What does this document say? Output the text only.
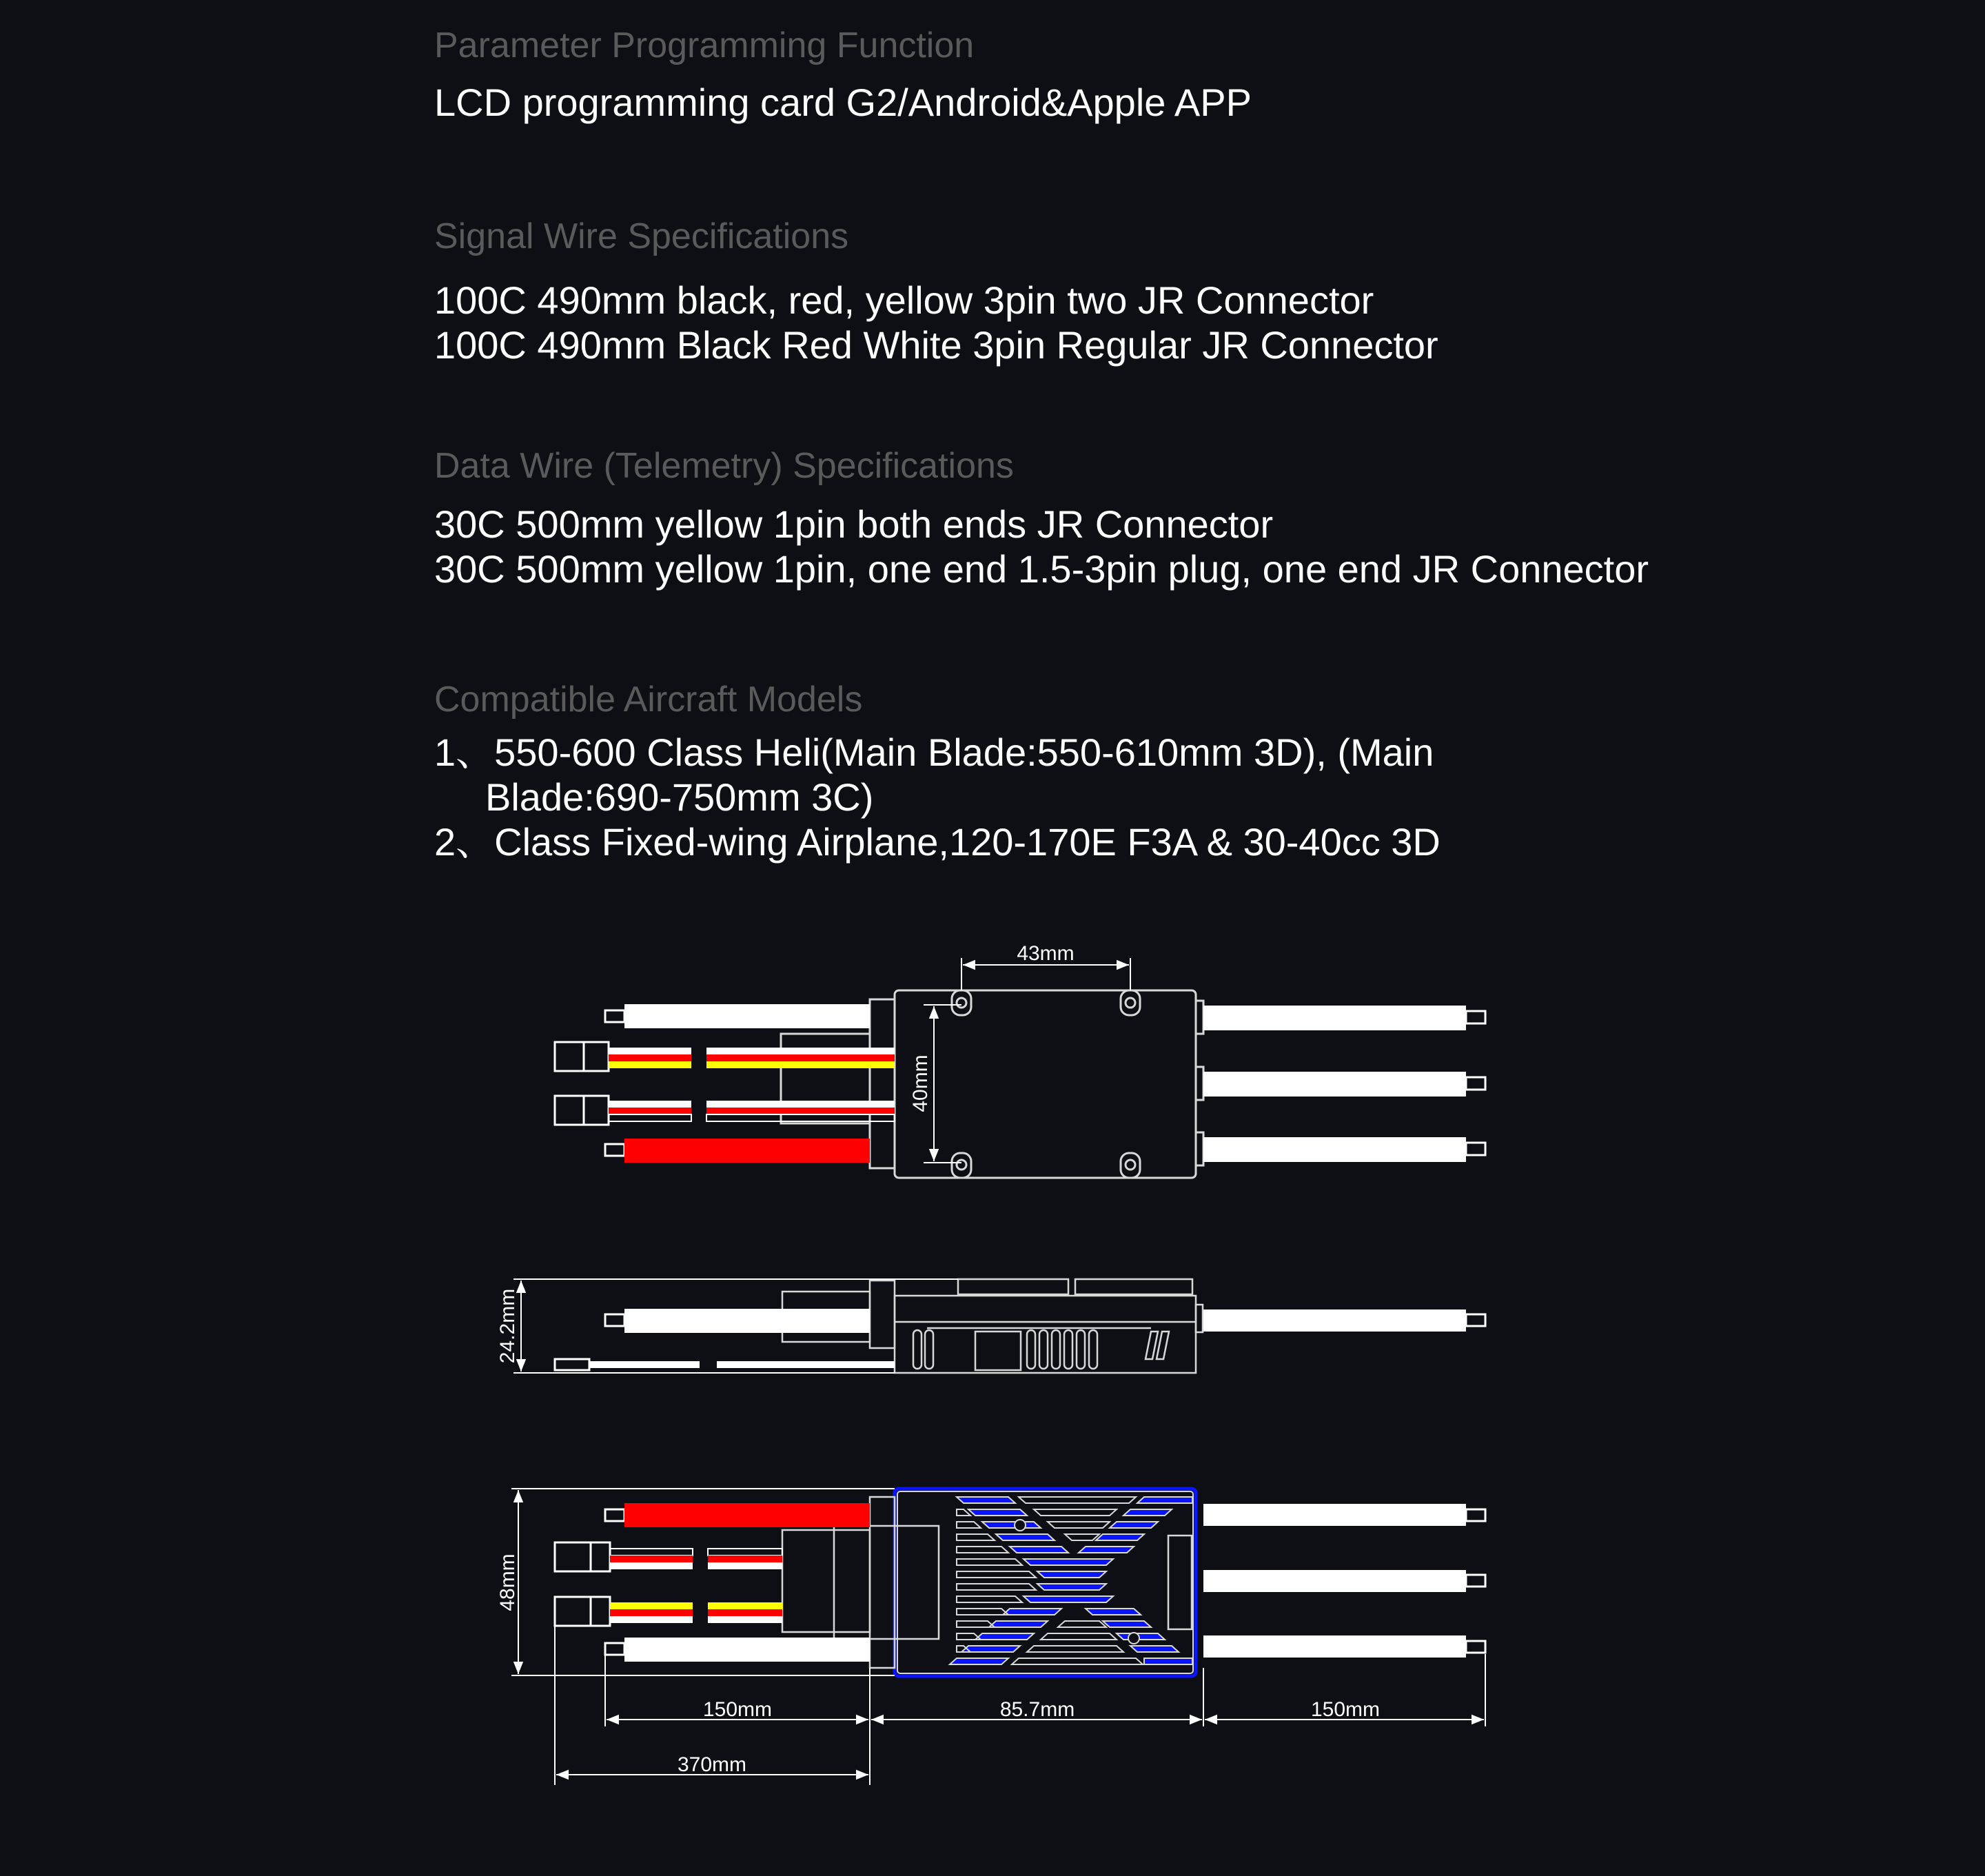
Parameter Programming Function

LCD programming card G2/Android&Apple APP

Signal Wire Specifications

100C 490mm black, red, yellow 3pin two JR Connector

100C 490mm Black Red White 3pin Regular JR Connector

Data Wire (Telemetry) Specifications

30C 500mm yellow 1pin both ends JR Connector

30C 500mm yellow 1pin, one end 1.5-3pin plug, one end JR Connector

Compatible Aircraft Models

1、550-600 Class Heli(Main Blade:550-610mm 3D), (Main

Blade:690-750mm 3C)

2、Class Fixed-wing Airplane,120-170E F3A & 30-40cc 3D

43mm
40mm
24.2mm
48mm
150mm	85.7mm	150mm
370mm
